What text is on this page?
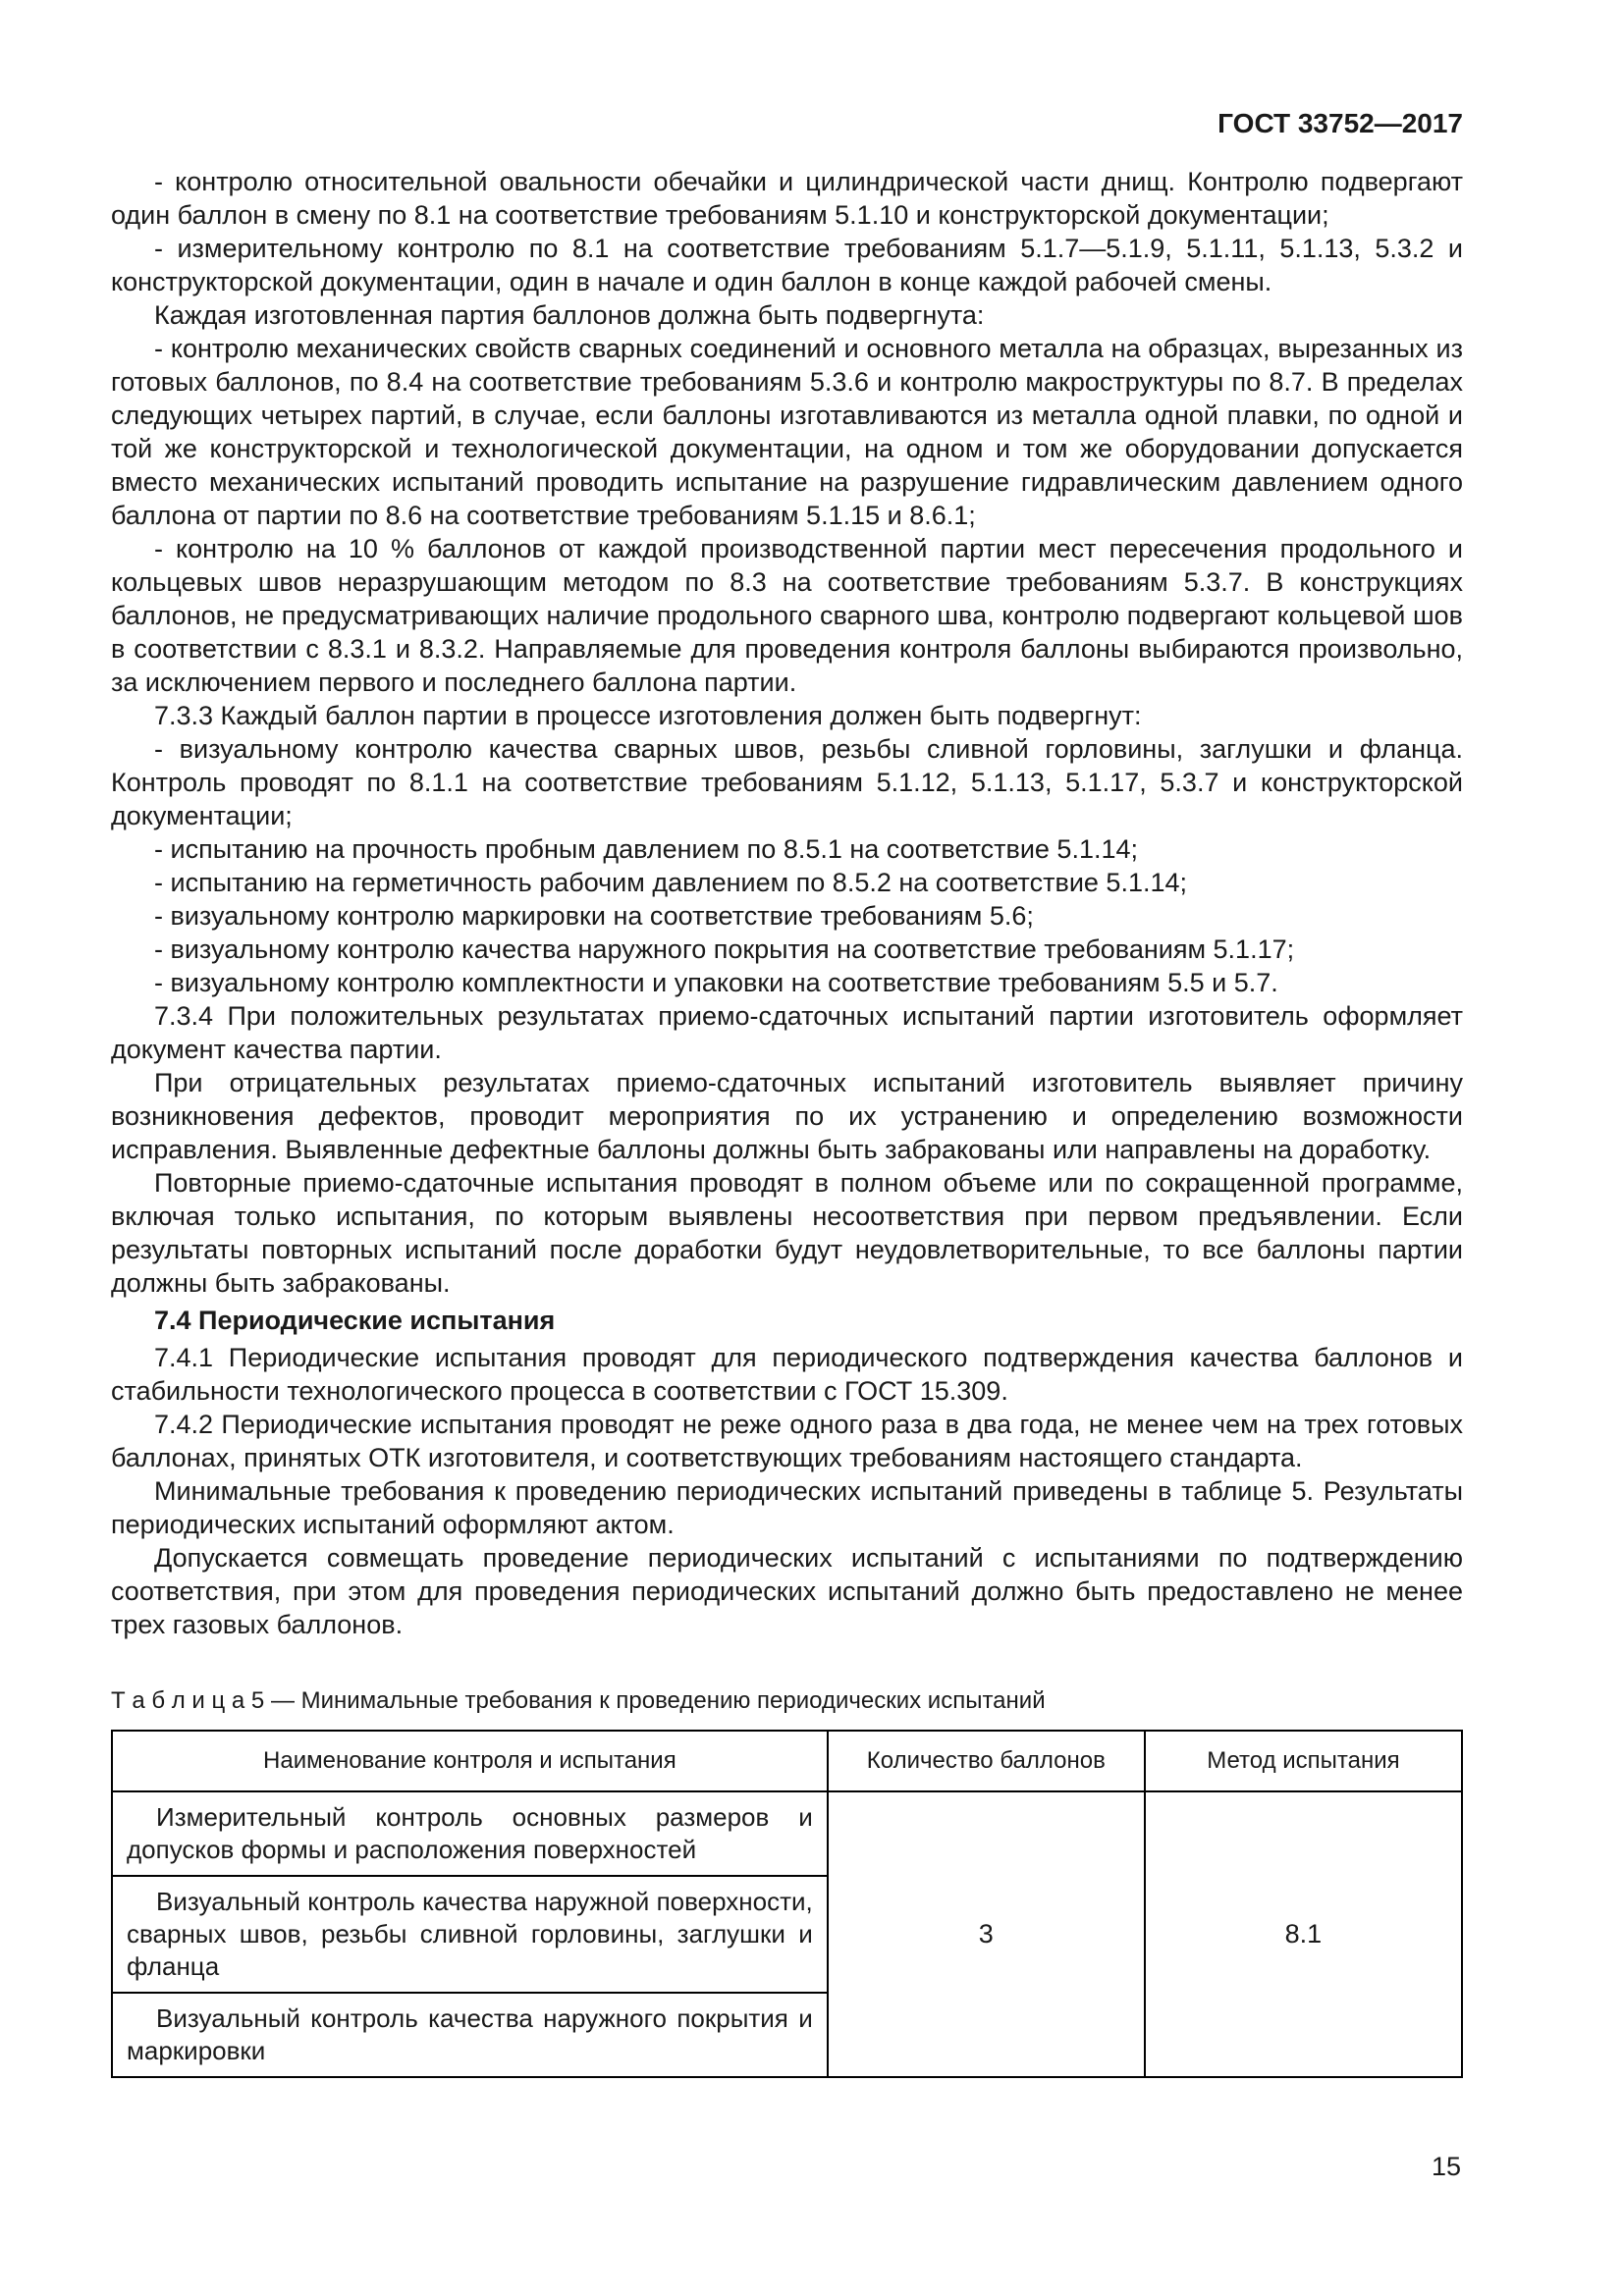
ГОСТ 33752—2017

- контролю относительной овальности обечайки и цилиндрической части днищ. Контролю подвергают один баллон в смену по 8.1 на соответствие требованиям 5.1.10 и конструкторской документации;

- измерительному контролю по 8.1 на соответствие требованиям 5.1.7—5.1.9, 5.1.11, 5.1.13, 5.3.2 и конструкторской документации, один в начале и один баллон в конце каждой рабочей смены.

Каждая изготовленная партия баллонов должна быть подвергнута:

- контролю механических свойств сварных соединений и основного металла на образцах, вырезанных из готовых баллонов, по 8.4 на соответствие требованиям 5.3.6 и контролю макроструктуры по 8.7. В пределах следующих четырех партий, в случае, если баллоны изготавливаются из металла одной плавки, по одной и той же конструкторской и технологической документации, на одном и том же оборудовании допускается вместо механических испытаний проводить испытание на разрушение гидравлическим давлением одного баллона от партии по 8.6 на соответствие требованиям 5.1.15 и 8.6.1;

- контролю на 10 % баллонов от каждой производственной партии мест пересечения продольного и кольцевых швов неразрушающим методом по 8.3 на соответствие требованиям 5.3.7. В конструкциях баллонов, не предусматривающих наличие продольного сварного шва, контролю подвергают кольцевой шов в соответствии с 8.3.1 и 8.3.2. Направляемые для проведения контроля баллоны выбираются произвольно, за исключением первого и последнего баллона партии.

7.3.3 Каждый баллон партии в процессе изготовления должен быть подвергнут:

- визуальному контролю качества сварных швов, резьбы сливной горловины, заглушки и фланца. Контроль проводят по 8.1.1 на соответствие требованиям 5.1.12, 5.1.13, 5.1.17, 5.3.7 и конструкторской документации;

- испытанию на прочность пробным давлением по 8.5.1 на соответствие 5.1.14;

- испытанию на герметичность рабочим давлением по 8.5.2 на соответствие 5.1.14;

- визуальному контролю маркировки на соответствие требованиям 5.6;

- визуальному контролю качества наружного покрытия на соответствие требованиям 5.1.17;

- визуальному контролю комплектности и упаковки на соответствие требованиям 5.5 и 5.7.

7.3.4 При положительных результатах приемо-сдаточных испытаний партии изготовитель оформляет документ качества партии.

При отрицательных результатах приемо-сдаточных испытаний изготовитель выявляет причину возникновения дефектов, проводит мероприятия по их устранению и определению возможности исправления. Выявленные дефектные баллоны должны быть забракованы или направлены на доработку.

Повторные приемо-сдаточные испытания проводят в полном объеме или по сокращенной программе, включая только испытания, по которым выявлены несоответствия при первом предъявлении. Если результаты повторных испытаний после доработки будут неудовлетворительные, то все баллоны партии должны быть забракованы.

7.4 Периодические испытания

7.4.1 Периодические испытания проводят для периодического подтверждения качества баллонов и стабильности технологического процесса в соответствии с ГОСТ 15.309.

7.4.2 Периодические испытания проводят не реже одного раза в два года, не менее чем на трех готовых баллонах, принятых ОТК изготовителя, и соответствующих требованиям настоящего стандарта.

Минимальные требования к проведению периодических испытаний приведены в таблице 5. Результаты периодических испытаний оформляют актом.

Допускается совмещать проведение периодических испытаний с испытаниями по подтверждению соответствия, при этом для проведения периодических испытаний должно быть предоставлено не менее трех газовых баллонов.

Т а б л и ц а 5 — Минимальные требования к проведению периодических испытаний

Наименование контроля и испытания	Количество баллонов	Метод испытания
Измерительный контроль основных размеров и допусков формы и расположения поверхностей	3	8.1
Визуальный контроль качества наружной поверхности, сварных швов, резьбы сливной горловины, заглушки и фланца		
Визуальный контроль качества наружного покрытия и маркировки		
15
